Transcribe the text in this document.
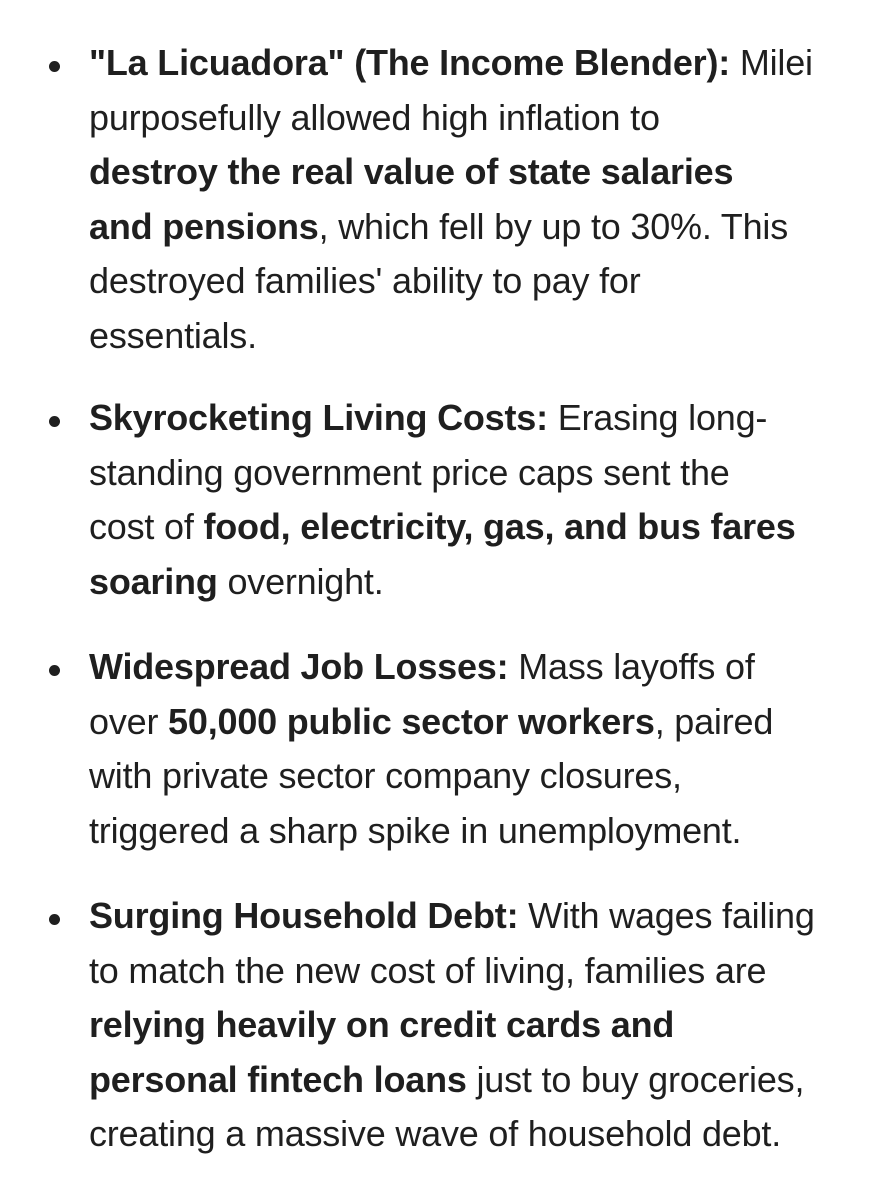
"La Licuadora" (The Income Blender): Milei
purposefully allowed high inflation to
destroy the real value of state salaries
and pensions, which fell by up to 30%. This
destroyed families' ability to pay for
essentials.
Skyrocketing Living Costs: Erasing long-
standing government price caps sent the
cost of food, electricity, gas, and bus fares
soaring overnight.
Widespread Job Losses: Mass layoffs of
over 50,000 public sector workers, paired
with private sector company closures,
triggered a sharp spike in unemployment.
Surging Household Debt: With wages failing
to match the new cost of living, families are
relying heavily on credit cards and
personal fintech loans just to buy groceries,
creating a massive wave of household debt.
